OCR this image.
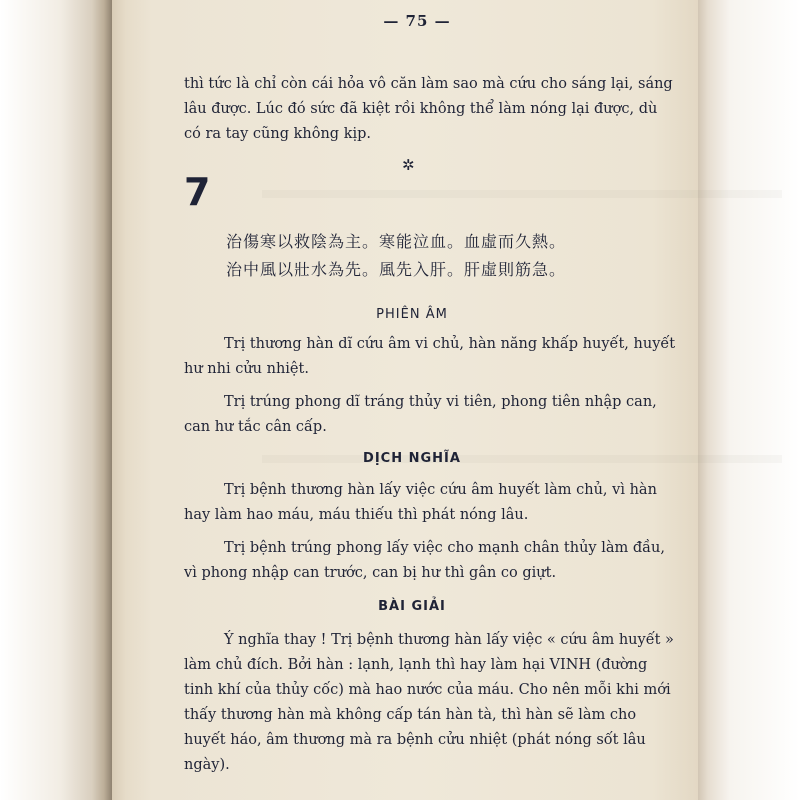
— 75 —

thì tức là chỉ còn cái hỏa vô căn làm sao mà cứu cho sáng lại, sáng lâu được. Lúc đó sức đã kiệt rồi không thể làm nóng lại được, dù có ra tay cũng không kịp.

✲
7
治傷寒以救陰為主。寒能泣血。血虛而久熱。
治中風以壯水為先。風先入肝。肝虛則筋急。
PHIÊN ÂM

Trị thương hàn dĩ cứu âm vi chủ, hàn năng khấp huyết, huyết hư nhi cửu nhiệt.

Trị trúng phong dĩ tráng thủy vi tiên, phong tiên nhập can, can hư tắc cân cấp.

DỊCH NGHĨA

Trị bệnh thương hàn lấy việc cứu âm huyết làm chủ, vì hàn hay làm hao máu, máu thiếu thì phát nóng lâu.

Trị bệnh trúng phong lấy việc cho mạnh chân thủy làm đầu, vì phong nhập can trước, can bị hư thì gân co giựt.

BÀI GIẢI

Ý nghĩa thay ! Trị bệnh thương hàn lấy việc « cứu âm huyết » làm chủ đích. Bởi hàn : lạnh, lạnh thì hay làm hại VINH (đường tinh khí của thủy cốc) mà hao nước của máu. Cho nên mỗi khi mới thấy thương hàn mà không cấp tán hàn tà, thì hàn sẽ làm cho huyết háo, âm thương mà ra bệnh cửu nhiệt (phát nóng sốt lâu ngày).
